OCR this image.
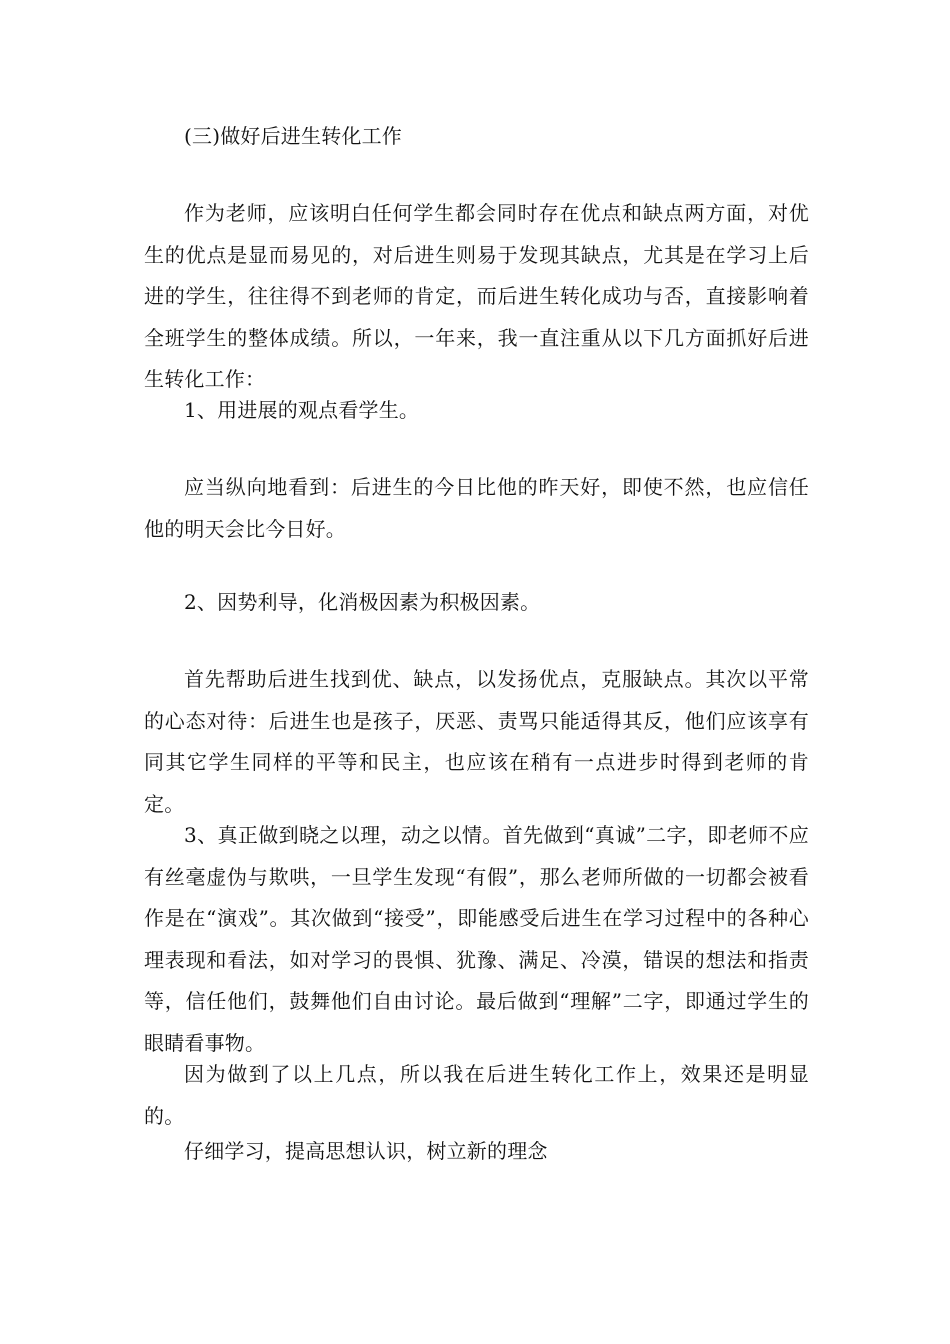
(三)做好后进生转化工作

作为老师，应该明白任何学生都会同时存在优点和缺点两方面，对优生的优点是显而易见的，对后进生则易于发现其缺点，尤其是在学习上后进的学生，往往得不到老师的肯定，而后进生转化成功与否，直接影响着全班学生的整体成绩。所以，一年来，我一直注重从以下几方面抓好后进生转化工作：

1、用进展的观点看学生。

应当纵向地看到：后进生的今日比他的昨天好，即使不然，也应信任他的明天会比今日好。

2、因势利导，化消极因素为积极因素。

首先帮助后进生找到优、缺点，以发扬优点，克服缺点。其次以平常的心态对待：后进生也是孩子，厌恶、责骂只能适得其反，他们应该享有同其它学生同样的平等和民主，也应该在稍有一点进步时得到老师的肯定。

3、真正做到晓之以理，动之以情。首先做到“真诚”二字，即老师不应有丝毫虚伪与欺哄，一旦学生发现“有假”，那么老师所做的一切都会被看作是在“演戏”。其次做到“接受”，即能感受后进生在学习过程中的各种心理表现和看法，如对学习的畏惧、犹豫、满足、冷漠，错误的想法和指责等，信任他们，鼓舞他们自由讨论。最后做到“理解”二字，即通过学生的眼睛看事物。

因为做到了以上几点，所以我在后进生转化工作上，效果还是明显的。

仔细学习，提高思想认识，树立新的理念
